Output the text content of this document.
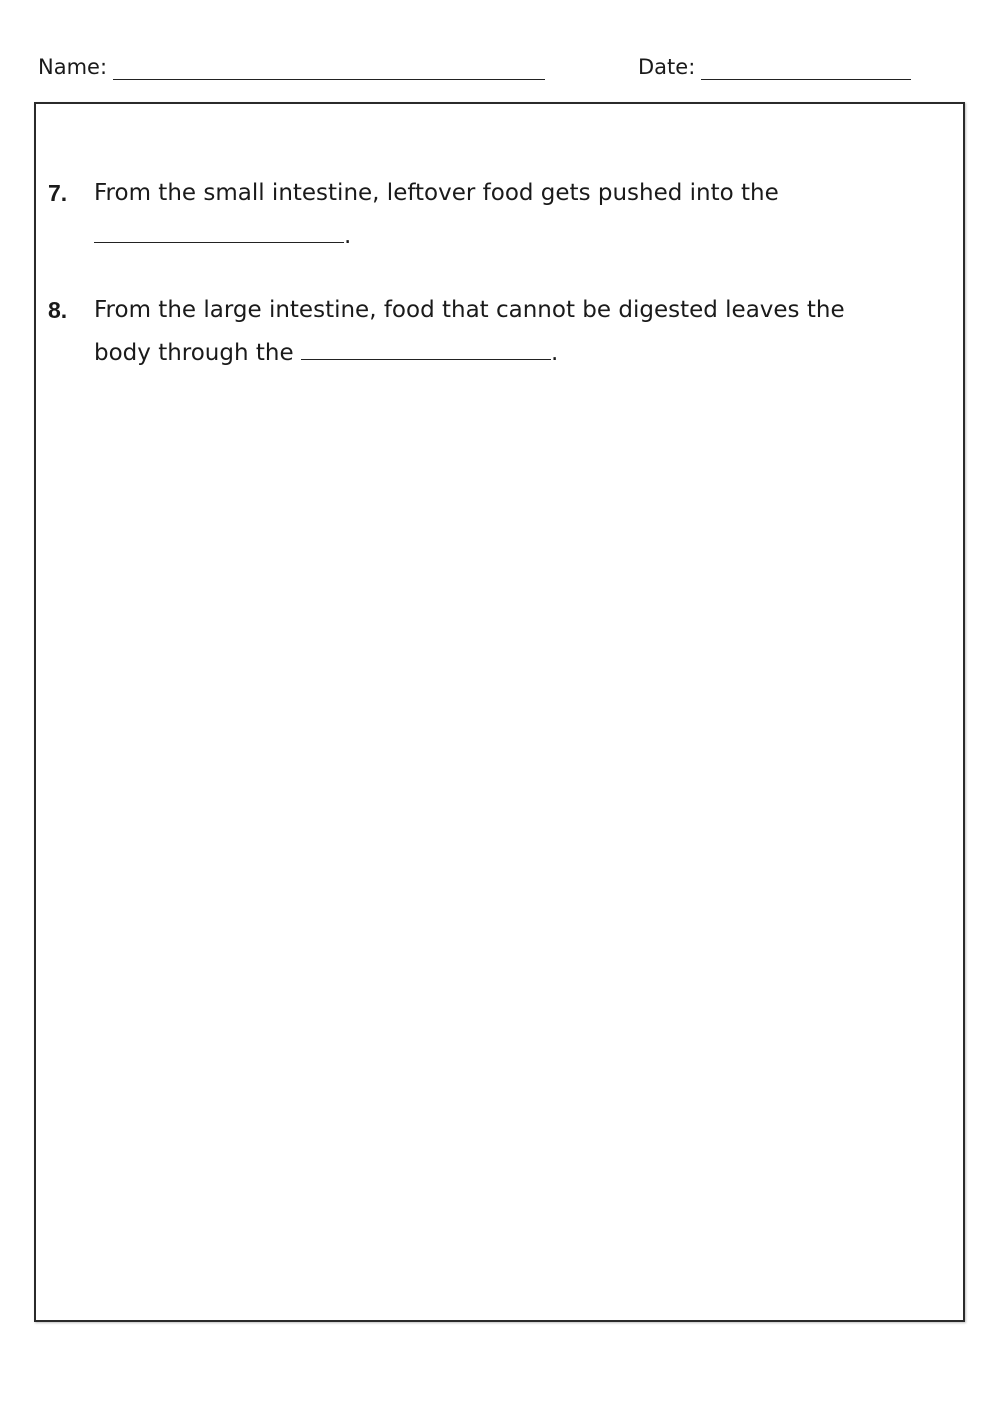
Name:	Date:
7. From the small intestine, leftover food gets pushed into the
.
8. From the large intestine, food that cannot be digested leaves the
body through the	.
